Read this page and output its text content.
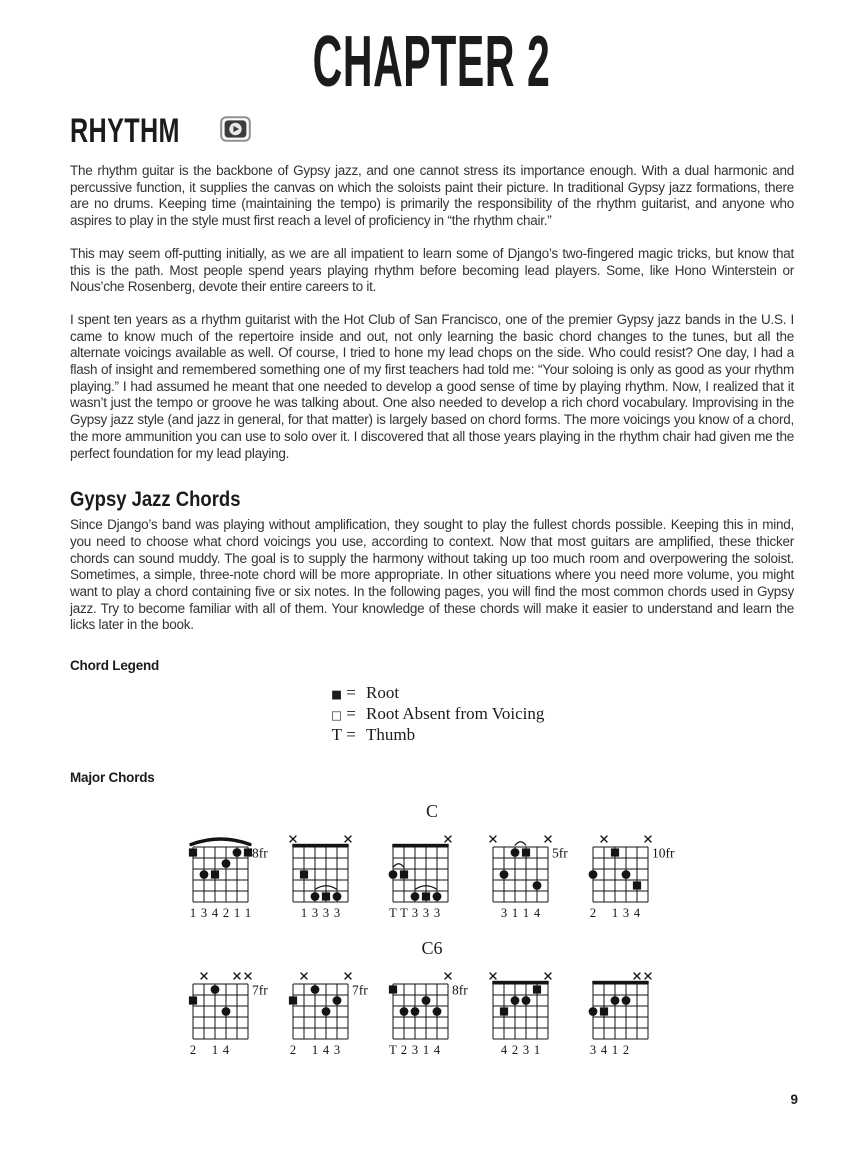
CHAPTER 2
RHYTHM

The rhythm guitar is the backbone of Gypsy jazz, and one cannot stress its importance enough. With a dual harmonic and percussive function, it supplies the canvas on which the soloists paint their picture. In traditional Gypsy jazz formations, there are no drums. Keeping time (maintaining the tempo) is primarily the responsibility of the rhythm guitarist, and anyone who aspires to play in the style must first reach a level of proficiency in “the rhythm chair.”

This may seem off-putting initially, as we are all impatient to learn some of Django’s two-fingered magic tricks, but know that this is the path. Most people spend years playing rhythm before becoming lead players. Some, like Hono Winterstein or Nous’che Rosenberg, devote their entire careers to it.

I spent ten years as a rhythm guitarist with the Hot Club of San Francisco, one of the premier Gypsy jazz bands in the U.S. I came to know much of the repertoire inside and out, not only learning the basic chord changes to the tunes, but all the alternate voicings available as well. Of course, I tried to hone my lead chops on the side. Who could resist? One day, I had a flash of insight and remembered something one of my first teachers had told me: “Your soloing is only as good as your rhythm playing.” I had assumed he meant that one needed to develop a good sense of time by playing rhythm. Now, I realized that it wasn’t just the tempo or groove he was talking about. One also needed to develop a rich chord vocabulary. Improvising in the Gypsy jazz style (and jazz in general, for that matter) is largely based on chord forms. The more voicings you know of a chord, the more ammunition you can use to solo over it. I discovered that all those years playing in the rhythm chair had given me the perfect foundation for my lead playing.

Gypsy Jazz Chords

Since Django’s band was playing without amplification, they sought to play the fullest chords possible. Keeping this in mind, you need to choose what chord voicings you use, according to context. Now that most guitars are amplified, these thicker chords can sound muddy. The goal is to supply the harmony without taking up too much room and overpowering the soloist. Sometimes, a simple, three-note chord will be more appropriate. In other situations where you need more volume, you might want to play a chord containing five or six notes. In the following pages, you will find the most common chords used in Gypsy jazz. Try to become familiar with all of them. Your knowledge of these chords will make it easier to understand and learn the licks later in the book.

Chord Legend
■ = Root
□ = Root Absent from Voicing
T = Thumb
Major Chords
C
8fr
1 3 4 2 1 1	1 3 3 3	T T 3 3 3
5fr
3 1 1 4
10fr
2 1 3 4
C6
7fr
2 1 4
7fr
2 1 4 3
8fr
T 2 3 1 4	4 2 3 1	3 4 1 2
9
